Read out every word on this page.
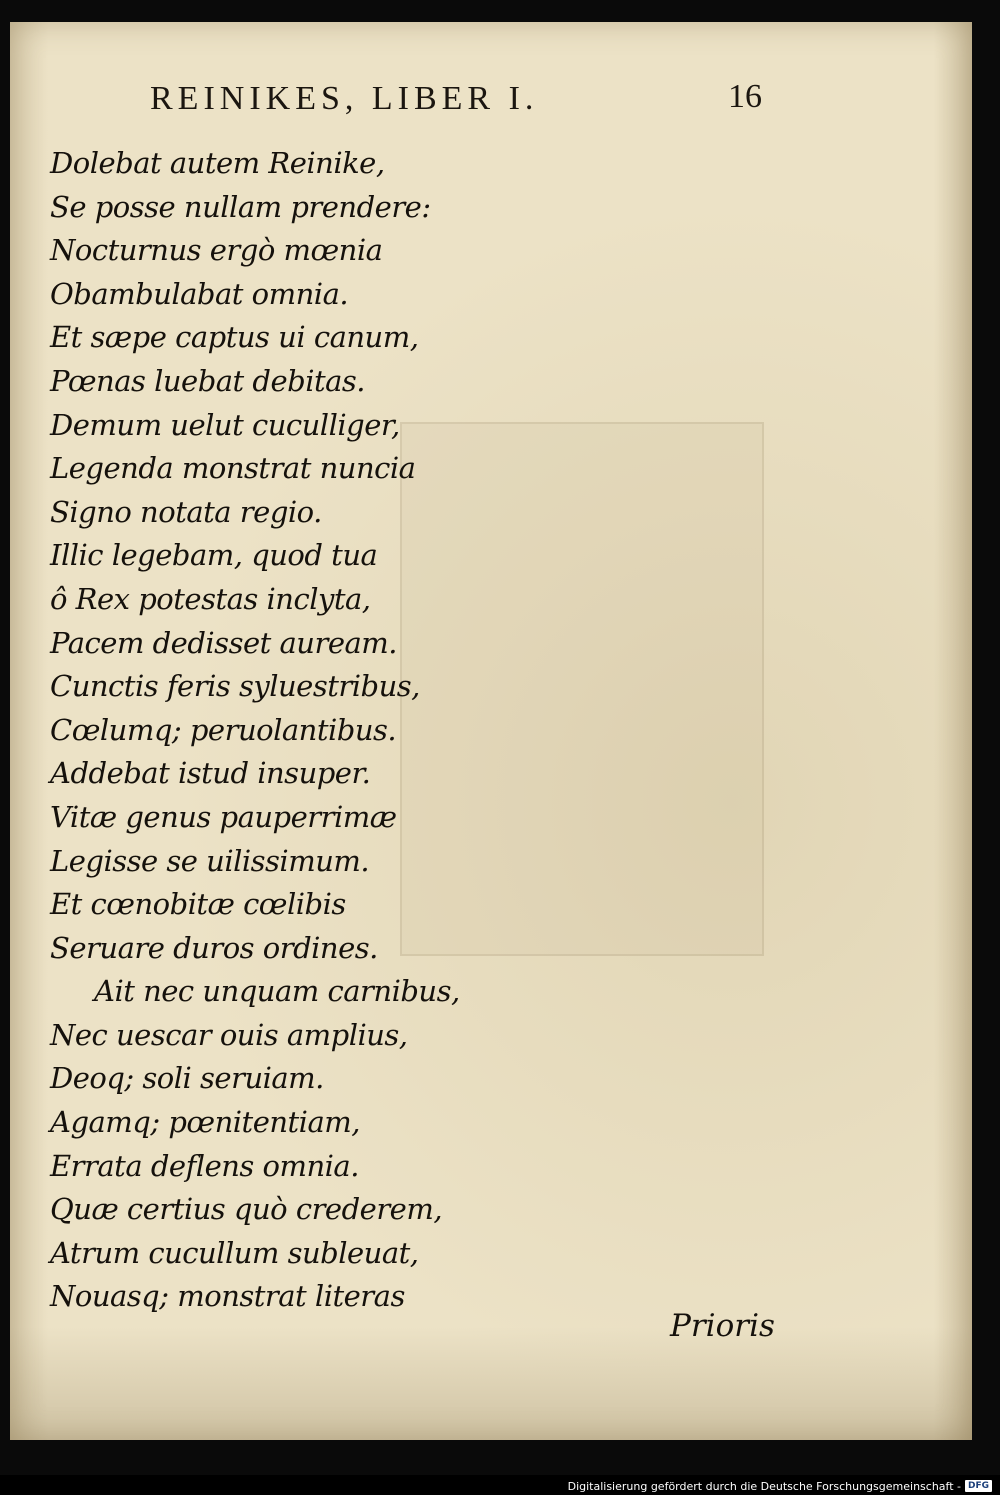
REINIKES, LIBER I.	16
Dolebat autem Reinike,
Se posse nullam prendere:
Nocturnus ergò mœnia
Obambulabat omnia.
Et sæpe captus ui canum,
Pœnas luebat debitas.
Demum uelut cuculliger,
Legenda monstrat nuncia
Signo notata regio.
Illic legebam, quod tua
ô Rex potestas inclyta,
Pacem dedisset auream.
Cunctis feris syluestribus,
Cœlumq; peruolantibus.
Addebat istud insuper.
Vitæ genus pauperrimæ
Legisse se uilissimum.
Et cœnobitæ cœlibis
Seruare duros ordines.
Ait nec unquam carnibus,
Nec uescar ouis amplius,
Deoq; soli seruiam.
Agamq; pœnitentiam,
Errata deflens omnia.
Quæ certius quò crederem,
Atrum cucullum subleuat,
Nouasq; monstrat literas
Prioris
Digitalisierung gefördert durch die Deutsche Forschungsgemeinschaft - DFG
